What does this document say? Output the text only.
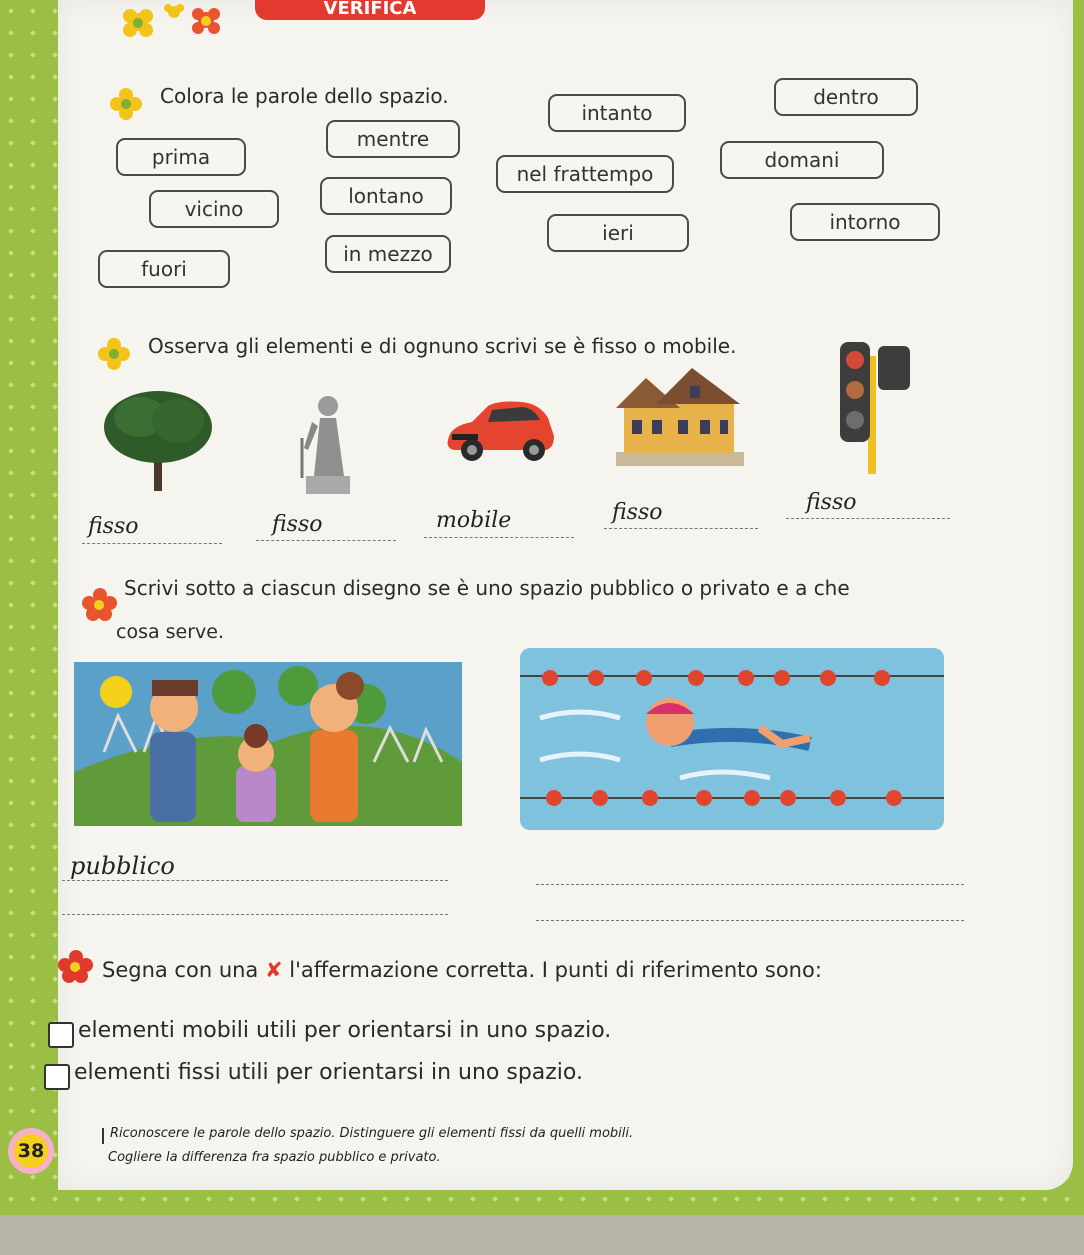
VERIFICA
Colora le parole dello spazio.	dentro
intanto
mentre
prima	domani
nel frattempo
lontano
vicino
intorno
ieri
in mezzo
fuori
Osserva gli elementi e di ognuno scrivi se è fisso o mobile.
fisso	fisso	mobile	fisso	fisso
Scrivi sotto a ciascun disegno se è uno spazio pubblico o privato e a che
cosa serve.
pubblico
Segna con una ✘ l'affermazione corretta. I punti di riferimento sono:
elementi mobili utili per orientarsi in uno spazio.
elementi fissi utili per orientarsi in uno spazio.
Riconoscere le parole dello spazio. Distinguere gli elementi fissi da quelli mobili.
Cogliere la differenza fra spazio pubblico e privato.
38
